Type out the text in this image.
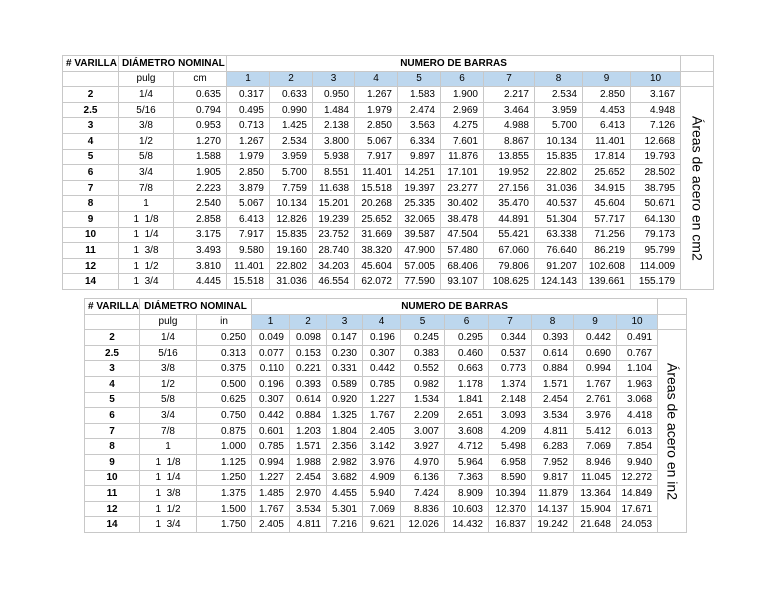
# VARILLA	DIÁMETRO NOMINAL		NUMERO DE BARRAS										
	pulg	cm	1	2	3	4	5	6	7	8	9	10	
2	1/4	0.635	0.317	0.633	0.950	1.267	1.583	1.900	2.217	2.534	2.850	3.167	Áreas de acero en cm2

2.5	5/16	0.794	0.495	0.990	1.484	1.979	2.474	2.969	3.464	3.959	4.453	4.948	
3	3/8	0.953	0.713	1.425	2.138	2.850	3.563	4.275	4.988	5.700	6.413	7.126	
4	1/2	1.270	1.267	2.534	3.800	5.067	6.334	7.601	8.867	10.134	11.401	12.668	
5	5/8	1.588	1.979	3.959	5.938	7.917	9.897	11.876	13.855	15.835	17.814	19.793	
6	3/4	1.905	2.850	5.700	8.551	11.401	14.251	17.101	19.952	22.802	25.652	28.502	
7	7/8	2.223	3.879	7.759	11.638	15.518	19.397	23.277	27.156	31.036	34.915	38.795	
8	1	2.540	5.067	10.134	15.201	20.268	25.335	30.402	35.470	40.537	45.604	50.671	
9	1  1/8	2.858	6.413	12.826	19.239	25.652	32.065	38.478	44.891	51.304	57.717	64.130	
10	1  1/4	3.175	7.917	15.835	23.752	31.669	39.587	47.504	55.421	63.338	71.256	79.173	
11	1  3/8	3.493	9.580	19.160	28.740	38.320	47.900	57.480	67.060	76.640	86.219	95.799	
12	1  1/2	3.810	11.401	22.802	34.203	45.604	57.005	68.406	79.806	91.207	102.608	114.009	
14	1  3/4	4.445	15.518	31.036	46.554	62.072	77.590	93.107	108.625	124.143	139.661	155.179	
# VARILLA	DIÁMETRO NOMINAL		NUMERO DE BARRAS										
	pulg	in	1	2	3	4	5	6	7	8	9	10	
2	1/4	0.250	0.049	0.098	0.147	0.196	0.245	0.295	0.344	0.393	0.442	0.491	Áreas de acero en in2

2.5	5/16	0.313	0.077	0.153	0.230	0.307	0.383	0.460	0.537	0.614	0.690	0.767	
3	3/8	0.375	0.110	0.221	0.331	0.442	0.552	0.663	0.773	0.884	0.994	1.104	
4	1/2	0.500	0.196	0.393	0.589	0.785	0.982	1.178	1.374	1.571	1.767	1.963	
5	5/8	0.625	0.307	0.614	0.920	1.227	1.534	1.841	2.148	2.454	2.761	3.068	
6	3/4	0.750	0.442	0.884	1.325	1.767	2.209	2.651	3.093	3.534	3.976	4.418	
7	7/8	0.875	0.601	1.203	1.804	2.405	3.007	3.608	4.209	4.811	5.412	6.013	
8	1	1.000	0.785	1.571	2.356	3.142	3.927	4.712	5.498	6.283	7.069	7.854	
9	1  1/8	1.125	0.994	1.988	2.982	3.976	4.970	5.964	6.958	7.952	8.946	9.940	
10	1  1/4	1.250	1.227	2.454	3.682	4.909	6.136	7.363	8.590	9.817	11.045	12.272	
11	1  3/8	1.375	1.485	2.970	4.455	5.940	7.424	8.909	10.394	11.879	13.364	14.849	
12	1  1/2	1.500	1.767	3.534	5.301	7.069	8.836	10.603	12.370	14.137	15.904	17.671	
14	1  3/4	1.750	2.405	4.811	7.216	9.621	12.026	14.432	16.837	19.242	21.648	24.053	
